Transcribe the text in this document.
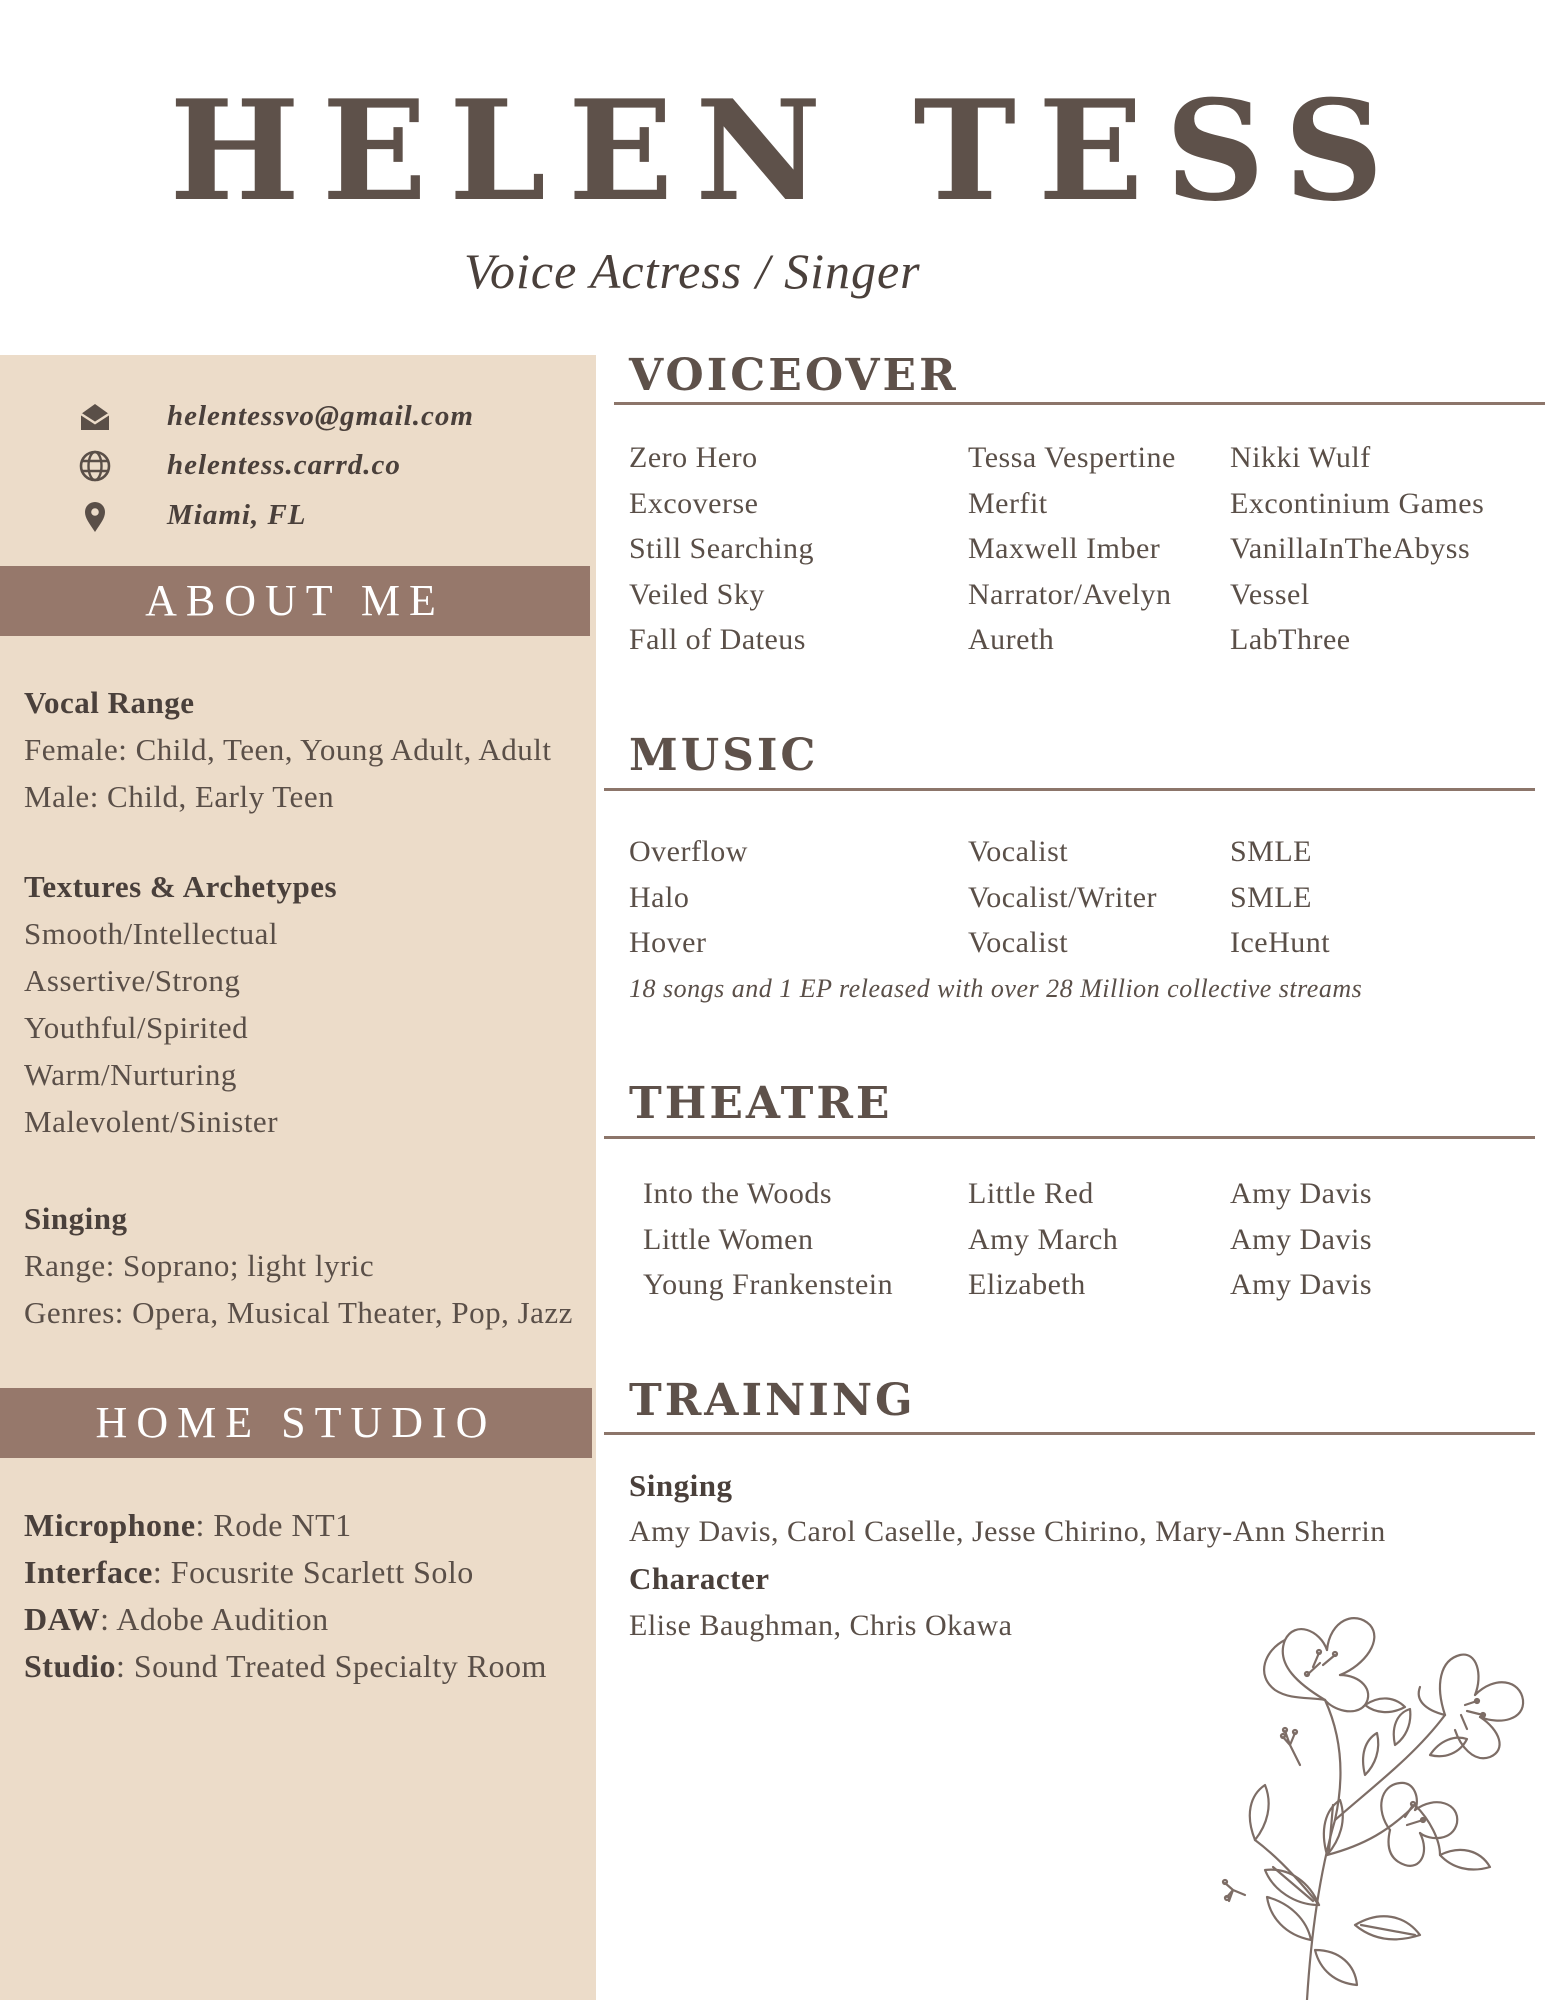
HELEN TESS
Voice Actress / Singer
helentessvo@gmail.com
helentess.carrd.co
Miami, FL
ABOUT ME
Vocal Range
Female: Child, Teen, Young Adult, Adult
Male: Child, Early Teen
Textures & Archetypes
Smooth/Intellectual
Assertive/Strong
Youthful/Spirited
Warm/Nurturing
Malevolent/Sinister
Singing
Range: Soprano; light lyric
Genres: Opera, Musical Theater, Pop, Jazz
HOME STUDIO
Microphone: Rode NT1
Interface: Focusrite Scarlett Solo
DAW: Adobe Audition
Studio: Sound Treated Specialty Room
VOICEOVER
Zero Hero
Excoverse
Still Searching
Veiled Sky
Fall of Dateus
Tessa Vespertine
Merfit
Maxwell Imber
Narrator/Avelyn
Aureth
Nikki Wulf
Excontinium Games
VanillaInTheAbyss
Vessel
LabThree
MUSIC
Overflow
Halo
Hover
Vocalist
Vocalist/Writer
Vocalist
SMLE
SMLE
IceHunt
18 songs and 1 EP released with over 28 Million collective streams
THEATRE
Into the Woods
Little Women
Young Frankenstein
Little Red
Amy March
Elizabeth
Amy Davis
Amy Davis
Amy Davis
TRAINING
Singing
Amy Davis, Carol Caselle, Jesse Chirino, Mary-Ann Sherrin
Character
Elise Baughman, Chris Okawa
